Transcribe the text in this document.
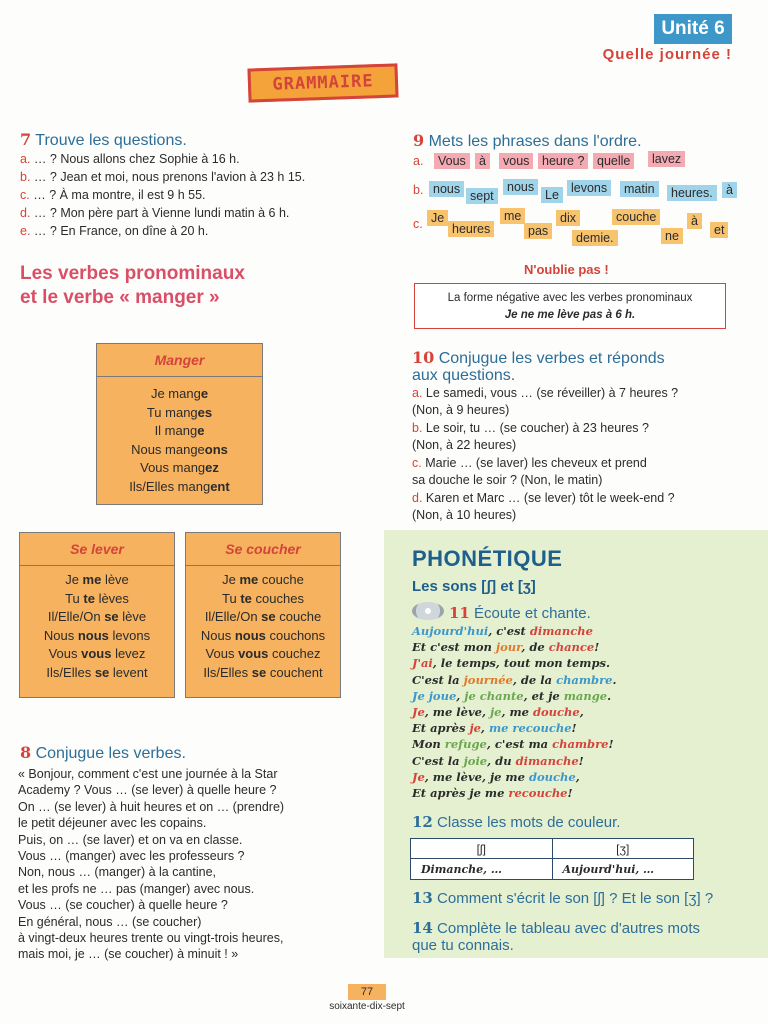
Unité 6
Quelle journée !
GRAMMAIRE
7 Trouve les questions.
a. … ? Nous allons chez Sophie à 16 h.
b. … ? Jean et moi, nous prenons l'avion à 23 h 15.
c. … ? À ma montre, il est 9 h 55.
d. … ? Mon père part à Vienne lundi matin à 6 h.
e. … ? En France, on dîne à 20 h.
Les verbes pronominaux
et le verbe « manger »
Manger
Je mange
Tu manges
Il mange
Nous mangeons
Vous mangez
Ils/Elles mangent
Se lever
Je me lève
Tu te lèves
Il/Elle/On se lève
Nous nous levons
Vous vous levez
Ils/Elles se levent
Se coucher
Je me couche
Tu te couches
Il/Elle/On se couche
Nous nous couchons
Vous vous couchez
Ils/Elles se couchent
8 Conjugue les verbes.
« Bonjour, comment c'est une journée à la Star
Academy ? Vous … (se lever) à quelle heure ?
On … (se lever) à huit heures et on … (prendre)
le petit déjeuner avec les copains.
Puis, on … (se laver) et on va en classe.
Vous … (manger) avec les professeurs ?
Non, nous … (manger) à la cantine,
et les profs ne … pas (manger) avec nous.
Vous … (se coucher) à quelle heure ?
En général, nous … (se coucher)
à vingt-deux heures trente ou vingt-trois heures,
mais moi, je … (se coucher) à minuit ! »
9 Mets les phrases dans l'ordre.
a.
b.
c.
Vous	à	vous	heure ?	quelle	lavez
nous sept
nous
Le levons	matin	heures.	à
Je
heures
me
pas
dix
demie.
couche
ne
à
et
N'oublie pas !
La forme négative avec les verbes pronominaux
Je ne me lève pas à 6 h.
10 Conjugue les verbes et réponds
aux questions.
a. Le samedi, vous … (se réveiller) à 7 heures ?
(Non, à 9 heures)
b. Le soir, tu … (se coucher) à 23 heures ?
(Non, à 22 heures)
c. Marie … (se laver) les cheveux et prend
sa douche le soir ? (Non, le matin)
d. Karen et Marc … (se lever) tôt le week-end ?
(Non, à 10 heures)
PHONÉTIQUE
Les sons [ʃ] et [ʒ]
11 Écoute et chante.
Aujourd'hui, c'est dimanche
Et c'est mon jour, de chance!
J'ai, le temps, tout mon temps.
C'est la journée, de la chambre.
Je joue, je chante, et je mange.
Je, me lève, je, me douche,
Et après je, me recouche!
Mon refuge, c'est ma chambre!
C'est la joie, du dimanche!
Je, me lève, je me douche,
Et après je me recouche!
12 Classe les mots de couleur.
[ʃ]	[ʒ]
Dimanche, …	Aujourd'hui, …
13 Comment s'écrit le son [ʃ] ? Et le son [ʒ] ?
14 Complète le tableau avec d'autres mots
que tu connais.
77
soixante-dix-sept
